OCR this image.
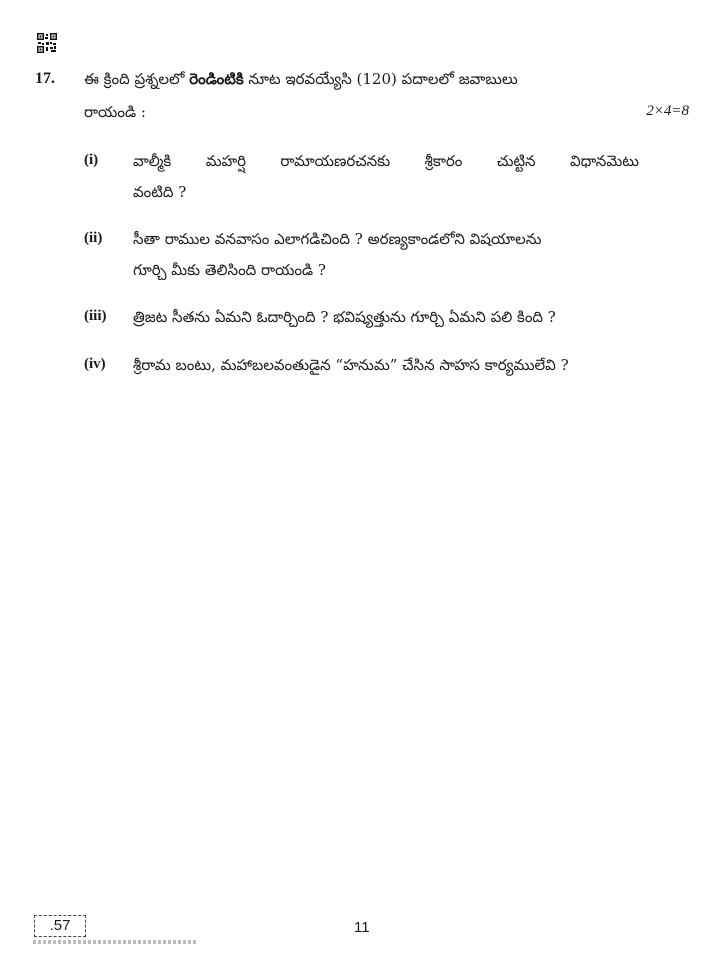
17. ఈ క్రింది ప్రశ్నలలో రెండింటికి నూట ఇరవయ్యేసి (120) పదాలలో జవాబులు
రాయండి :	2×4=8
(i) వాల్మీకి మహర్షి రామాయణరచనకు శ్రీకారం చుట్టిన విధానమెటు
వంటిది ?
(ii) సీతా రాముల వనవాసం ఎలాగడిచింది ? అరణ్యకాండలోని విషయాలను
గూర్చి మీకు తెలిసింది రాయండి ?
(iii) త్రిజట సీతను ఏమని ఓదార్చింది ? భవిష్యత్తును గూర్చి ఏమని పలి కింది ?
(iv) శ్రీరామ బంటు, మహాబలవంతుడైన “హనుమ” చేసిన సాహస కార్యములేవి ?
.57	11
